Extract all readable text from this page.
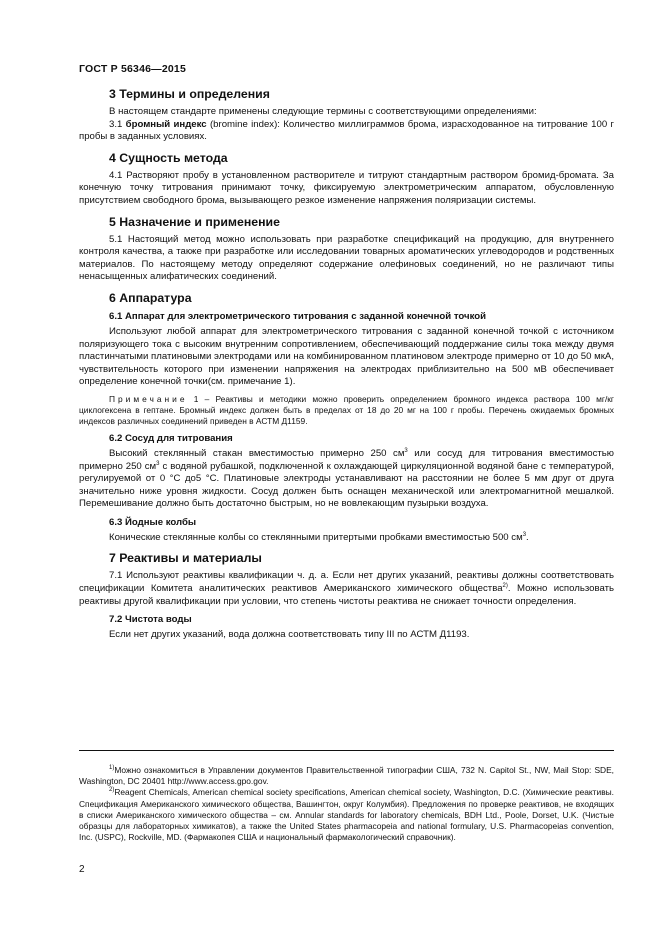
ГОСТ Р 56346—2015
3 Термины и определения

В настоящем стандарте применены следующие термины с соответствующими определениями:

3.1 бромный индекс (bromine index): Количество миллиграммов брома, израсходованное на титрование 100 г пробы в заданных условиях.

4 Сущность метода

4.1 Растворяют пробу в установленном растворителе и титруют стандартным раствором бромид-бромата. За конечную точку титрования принимают точку, фиксируемую электрометрическим аппаратом, обусловленную присутствием свободного брома, вызывающего резкое изменение напряжения поляризации системы.

5 Назначение и применение

5.1 Настоящий метод можно использовать при разработке спецификаций на продукцию, для внутреннего контроля качества, а также при разработке или исследовании товарных ароматических углеводородов и родственных материалов. По настоящему методу определяют содержание олефиновых соединений, но не различают типы ненасыщенных алифатических соединений.

6 Аппаратура
6.1 Аппарат для электрометрического титрования с заданной конечной точкой

Используют любой аппарат для электрометрического титрования с заданной конечной точкой с источником поляризующего тока с высоким внутренним сопротивлением, обеспечивающий поддержание силы тока между двумя пластинчатыми платиновыми электродами или на комбинированном платиновом электроде примерно от 10 до 50 мкА, чувствительность которого при изменении напряжения на электродах приблизительно на 500 мВ обеспечивает определение конечной точки(см. примечание 1).

Примечание 1 – Реактивы и методики можно проверить определением бромного индекса раствора 100 мг/кг циклогексена в гептане. Бромный индекс должен быть в пределах от 18 до 20 мг на 100 г пробы. Перечень ожидаемых бромных индексов различных соединений приведен в АСТМ Д1159.

6.2 Сосуд для титрования

Высокий стеклянный стакан вместимостью примерно 250 $см^3$ или сосуд для титрования вместимостью примерно 250 $см^3$ с водяной рубашкой, подключенной к охлаждающей циркуляционной водяной бане с температурой, регулируемой от 0 °С до5 °С. Платиновые электроды устанавливают на расстоянии не более 5 мм друг от друга значительно ниже уровня жидкости. Сосуд должен быть оснащен механической или электромагнитной мешалкой. Перемешивание должно быть достаточно быстрым, но не вовлекающим пузырьки воздуха.

6.3 Йодные колбы

Конические стеклянные колбы со стеклянными притертыми пробками вместимостью 500 $см^3$.

7 Реактивы и материалы

7.1 Используют реактивы квалификации ч. д. а. Если нет других указаний, реактивы должны соответствовать спецификации Комитета аналитических реактивов Американского химического общества$^{2)}$. Можно использовать реактивы другой квалификации при условии, что степень чистоты реактива не снижает точности определения.

7.2 Чистота воды

Если нет других указаний, вода должна соответствовать типу III по АСТМ Д1193.

$^{1)}$Можно ознакомиться в Управлении документов Правительственной типографии США, 732 N. Capitol St., NW, Mail Stop: SDE, Washington, DC 20401 http://www.access.gpo.gov.

$^{2)}$Reagent Chemicals, American chemical society specifications, American chemical society, Washington, D.C. (Химические реактивы. Спецификация Американского химического общества, Вашингтон, округ Колумбия). Предложения по проверке реактивов, не входящих в списки Американского химического общества – см. Annular standards for laboratory chemicals, BDH Ltd., Poole, Dorset, U.K. (Чистые образцы для лабораторных химикатов), а также the United States pharmacopeia and national formulary, U.S. Pharmacopeias convention, Inc. (USPC), Rockville, MD. (Фармакопея США и национальный фармакологический справочник).

2
